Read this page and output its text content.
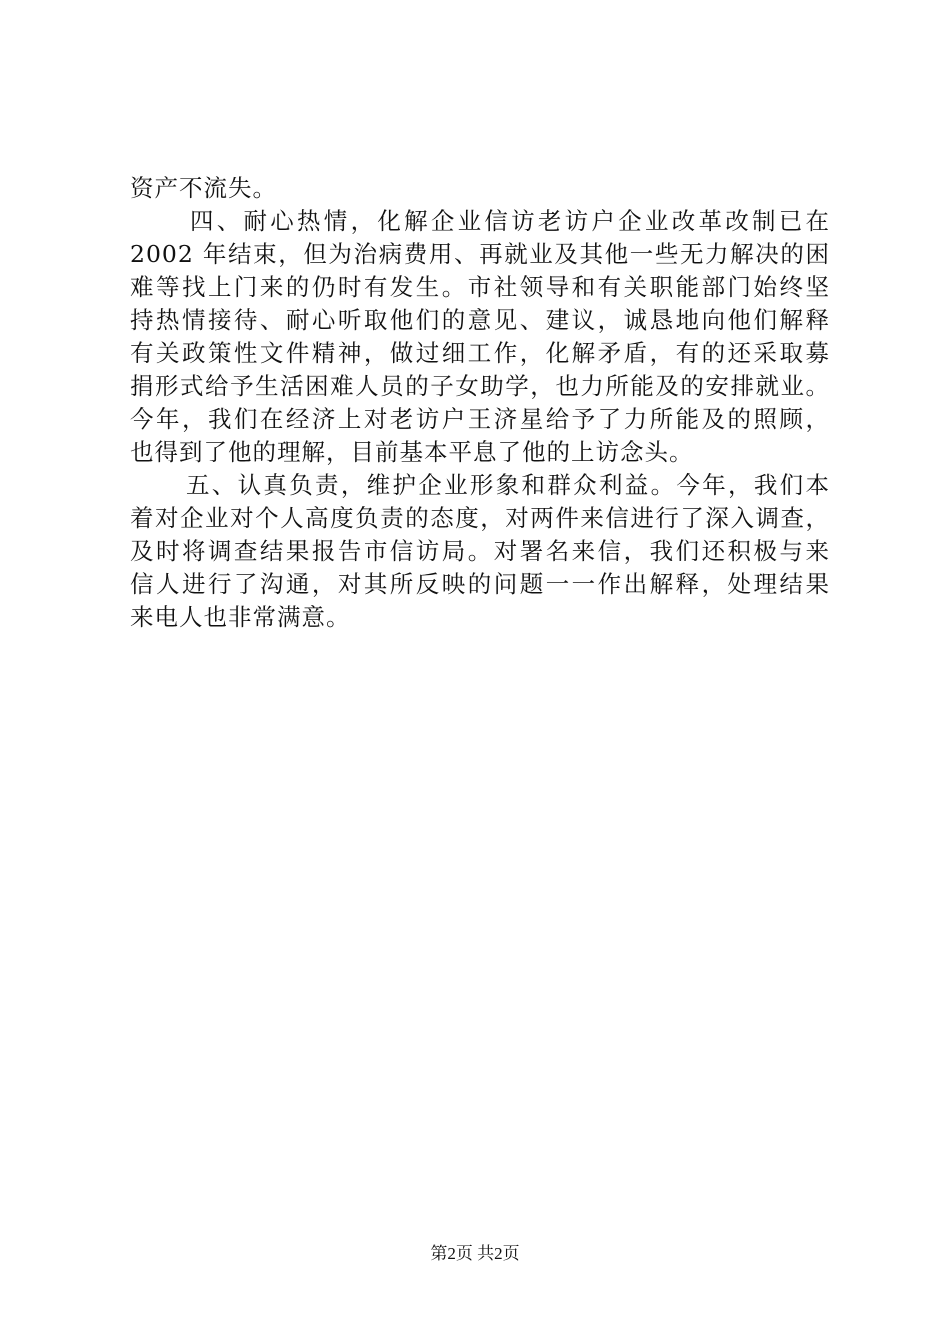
资产不流失。
四、耐心热情，化解企业信访老访户企业改革改制已在
2002 年结束，但为治病费用、再就业及其他一些无力解决的困
难等找上门来的仍时有发生。市社领导和有关职能部门始终坚
持热情接待、耐心听取他们的意见、建议，诚恳地向他们解释
有关政策性文件精神，做过细工作，化解矛盾，有的还采取募
捐形式给予生活困难人员的子女助学，也力所能及的安排就业。
今年，我们在经济上对老访户王济星给予了力所能及的照顾，
也得到了他的理解，目前基本平息了他的上访念头。
五、认真负责，维护企业形象和群众利益。今年，我们本
着对企业对个人高度负责的态度，对两件来信进行了深入调查，
及时将调查结果报告市信访局。对署名来信，我们还积极与来
信人进行了沟通，对其所反映的问题一一作出解释，处理结果
来电人也非常满意。
第2页 共2页
